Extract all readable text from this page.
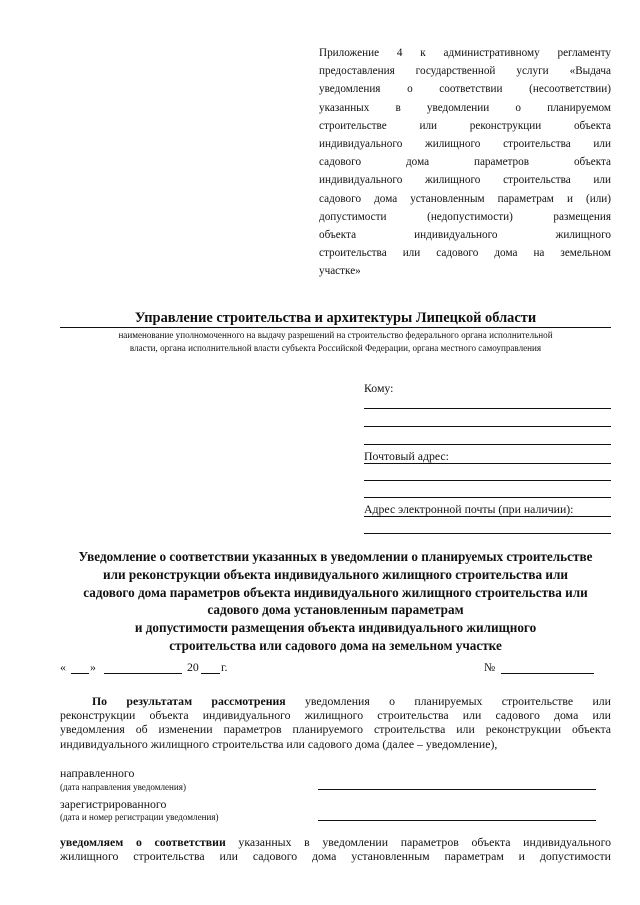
Приложение 4 к административному регламенту
предоставления государственной услуги «Выдача
уведомления о соответствии (несоответствии)
указанных в уведомлении о планируемом
строительстве или реконструкции объекта
индивидуального жилищного строительства или
садового дома параметров объекта
индивидуального жилищного строительства или
садового дома установленным параметрам и (или)
допустимости (недопустимости) размещения
объекта индивидуального жилищного
строительства или садового дома на земельном
участке»
Управление строительства и архитектуры Липецкой области
наименование уполномоченного на выдачу разрешений на строительство федерального органа исполнительной
власти, органа исполнительной власти субъекта Российской Федерации, органа местного самоуправления
Кому:
Почтовый адрес:
Адрес электронной почты (при наличии):
Уведомление о соответствии указанных в уведомлении о планируемых строительстве
или реконструкции объекта индивидуального жилищного строительства или
садового дома параметров объекта индивидуального жилищного строительства или
садового дома установленным параметрам
и допустимости размещения объекта индивидуального жилищного
строительства или садового дома на земельном участке
« »	20 г.	№
По результатам рассмотрения уведомления о планируемых строительстве или
реконструкции объекта индивидуального жилищного строительства или садового дома или
уведомления об изменении параметров планируемого строительства или реконструкции объекта
индивидуального жилищного строительства или садового дома (далее – уведомление),
направленного
(дата направления уведомления)
зарегистрированного
(дата и номер регистрации уведомления)
уведомляем о соответствии указанных в уведомлении параметров объекта индивидуального
жилищного строительства или садового дома установленным параметрам и допустимости
